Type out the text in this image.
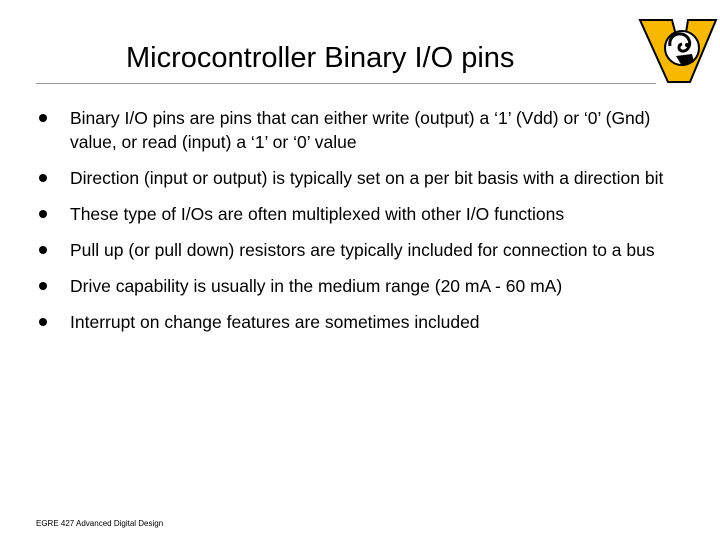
Microcontroller Binary I/O pins
Binary I/O pins are pins that can either write (output) a ‘1’ (Vdd) or ‘0’ (Gnd) value, or read (input) a ‘1’ or ‘0’ value
Direction (input or output) is typically set on a per bit basis with a direction bit
These type of I/Os are often multiplexed with other I/O functions
Pull up (or pull down) resistors are typically included for connection to a bus
Drive capability is usually in the medium range (20 mA - 60 mA)
Interrupt on change features are sometimes included
EGRE 427 Advanced Digital Design
